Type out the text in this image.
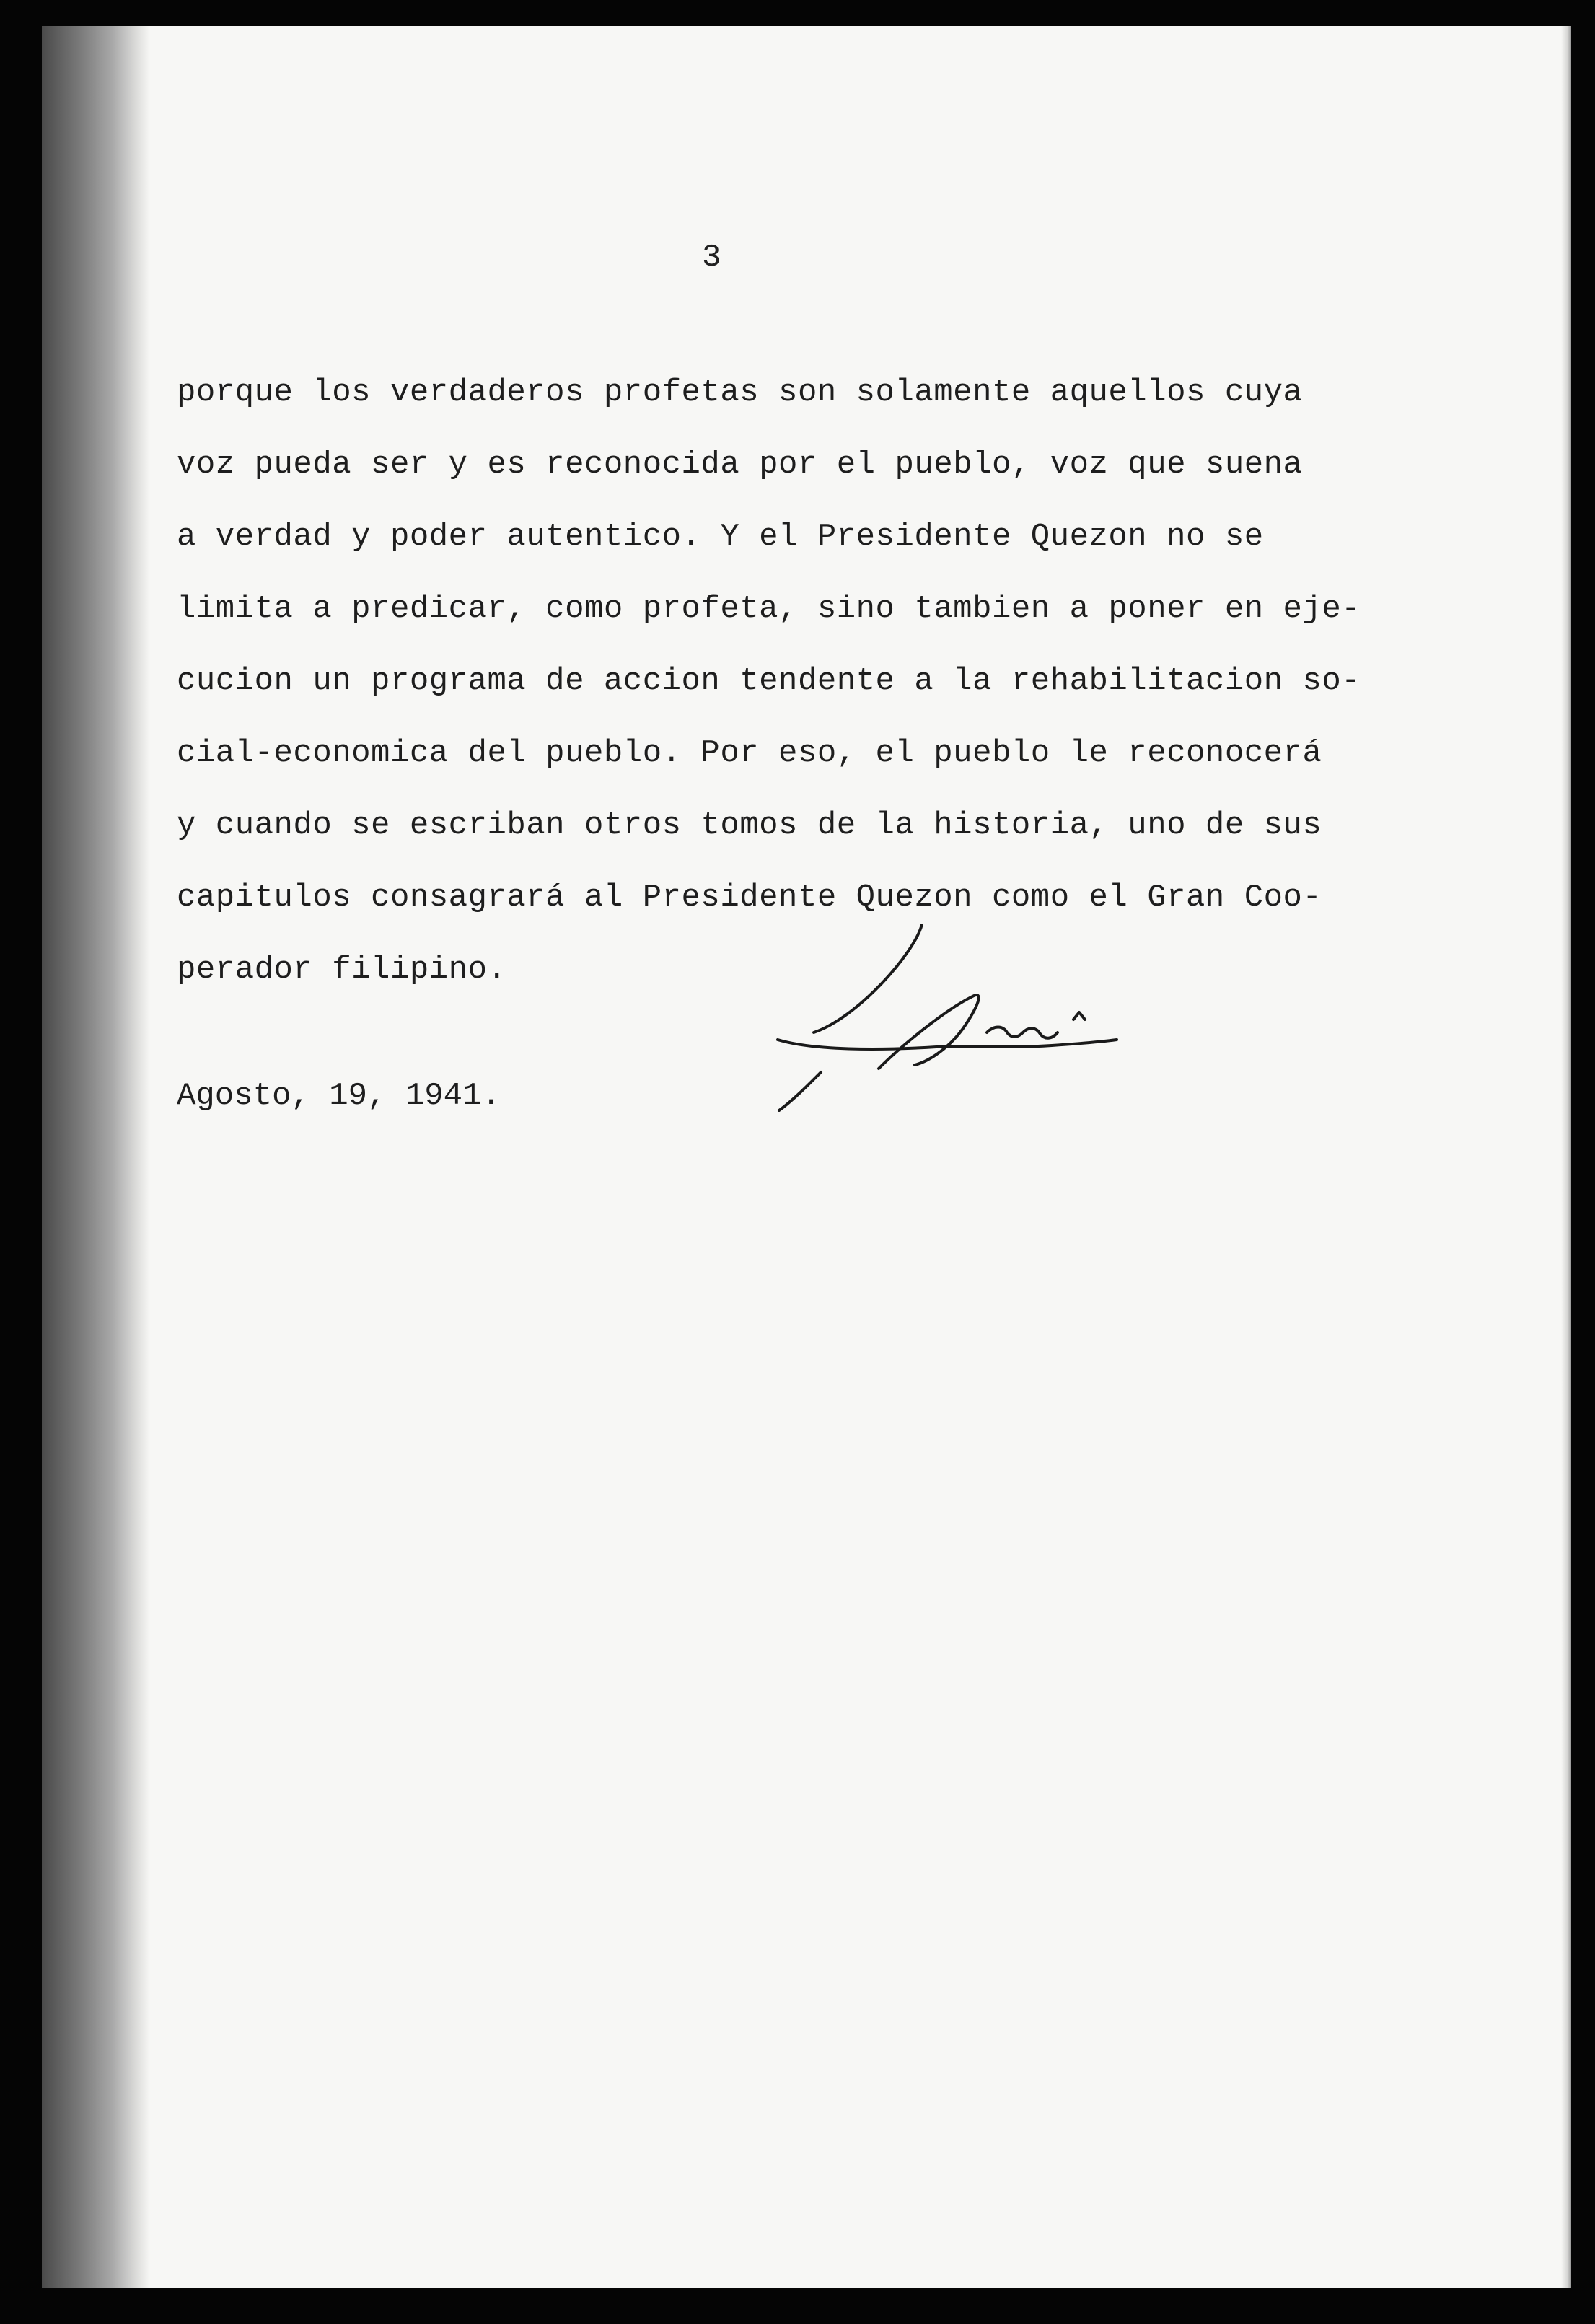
3

porque los verdaderos profetas son solamente aquellos cuya
voz pueda ser y es reconocida por el pueblo, voz que suena
a verdad y poder autentico. Y el Presidente Quezon no se
limita a predicar, como profeta, sino tambien a poner en eje-
cucion un programa de accion tendente a la rehabilitacion so-
cial-economica del pueblo. Por eso, el pueblo le reconocerá
y cuando se escriban otros tomos de la historia, uno de sus
capitulos consagrará al Presidente Quezon como el Gran Coo-
perador filipino.

Agosto, 19, 1941.
